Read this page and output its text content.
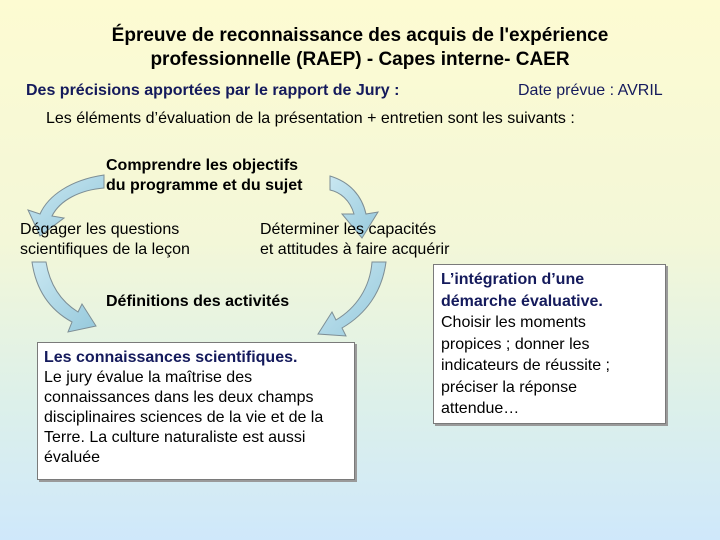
Épreuve de reconnaissance des acquis de l'expérience
professionnelle (RAEP) - Capes interne- CAER
Des précisions apportées par le rapport de Jury :	Date prévue : AVRIL
Les éléments d’évaluation de la présentation + entretien sont les suivants :
Comprendre les objectifs
du programme et du sujet
Dégager les questions
scientifiques de la leçon
Déterminer les capacités
et attitudes à faire acquérir
Définitions des activités
Les connaissances scientifiques.
Le jury évalue la maîtrise des
connaissances dans les deux champs
disciplinaires sciences de la vie et de la
Terre. La culture naturaliste est aussi
évaluée
L’intégration d’une
démarche évaluative.
Choisir les moments
propices ; donner les
indicateurs de réussite ;
préciser la réponse
attendue…
